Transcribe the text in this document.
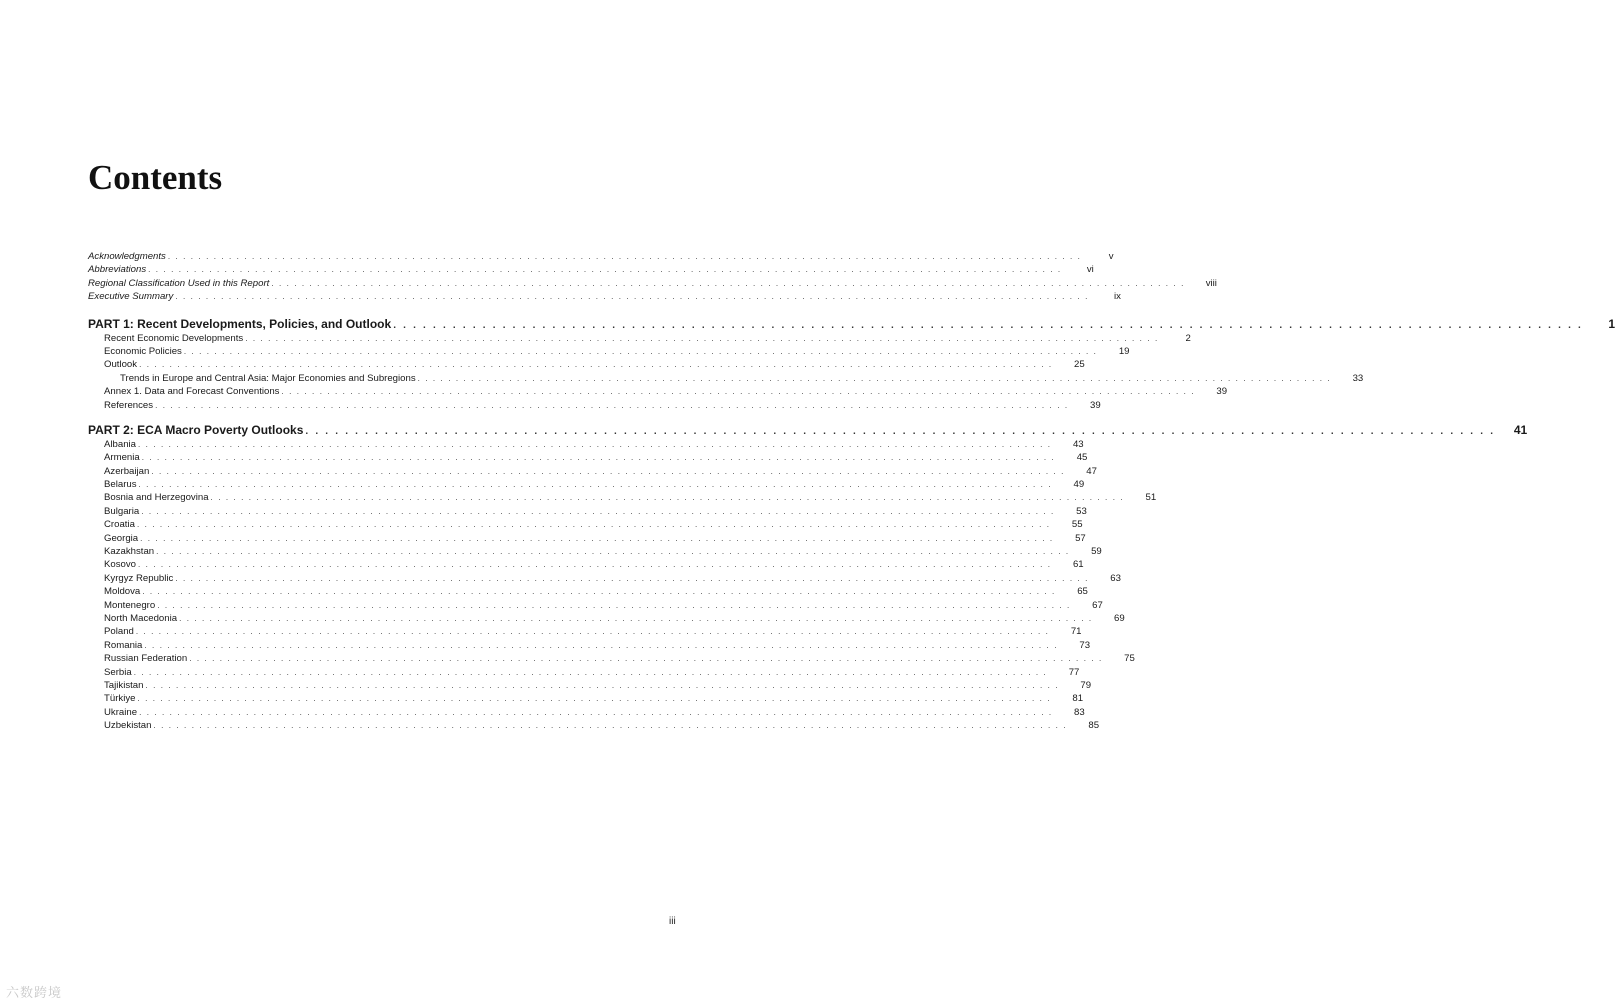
Contents
Acknowledgments . . . . . . . . . . . . . . . . . . . . . . . . . . . . . . . . . . . . . . . . . . . . . . . . . . . . . . . . . . . . . . . . . . . . . . . . . . . . . . . . . . . . . . . . . . . . . . . . . . . . . . . . . . . . . . . . . . . . . . . .	v
Abbreviations . . . . . . . . . . . . . . . . . . . . . . . . . . . . . . . . . . . . . . . . . . . . . . . . . . . . . . . . . . . . . . . . . . . . . . . . . . . . . . . . . . . . . . . . . . . . . . . . . . . . . . . . . . . . . . . . . . . . . . . .	vi
Regional Classification Used in this Report . . . . . . . . . . . . . . . . . . . . . . . . . . . . . . . . . . . . . . . . . . . . . . . . . . . . . . . . . . . . . . . . . . . . . . . . . . . . . . . . . . . . . . . . . . . . . . . . . . . . . . . . . . . . . . . . . . . . . . . .	viii
Executive Summary . . . . . . . . . . . . . . . . . . . . . . . . . . . . . . . . . . . . . . . . . . . . . . . . . . . . . . . . . . . . . . . . . . . . . . . . . . . . . . . . . . . . . . . . . . . . . . . . . . . . . . . . . . . . . . . . . . . . . . . .	ix
PART 1: Recent Developments, Policies, and Outlook . . . . . . . . . . . . . . . . . . . . . . . . . . . . . . . . . . . . . . . . . . . . . . . . . . . . . . . . . . . . . . . . . . . . . . . . . . . . . . . . . . . . . . . . . . . . . . . . . . . . . . . . . . . . . . . . . . . . . . . .	1
Recent Economic Developments . . . . . . . . . . . . . . . . . . . . . . . . . . . . . . . . . . . . . . . . . . . . . . . . . . . . . . . . . . . . . . . . . . . . . . . . . . . . . . . . . . . . . . . . . . . . . . . . . . . . . . . . . . . . . . . . . . . . . . . .	2
Economic Policies . . . . . . . . . . . . . . . . . . . . . . . . . . . . . . . . . . . . . . . . . . . . . . . . . . . . . . . . . . . . . . . . . . . . . . . . . . . . . . . . . . . . . . . . . . . . . . . . . . . . . . . . . . . . . . . . . . . . . . . .	19
Outlook . . . . . . . . . . . . . . . . . . . . . . . . . . . . . . . . . . . . . . . . . . . . . . . . . . . . . . . . . . . . . . . . . . . . . . . . . . . . . . . . . . . . . . . . . . . . . . . . . . . . . . . . . . . . . . . . . . . . . . . .	25
Trends in Europe and Central Asia: Major Economies and Subregions . . . . . . . . . . . . . . . . . . . . . . . . . . . . . . . . . . . . . . . . . . . . . . . . . . . . . . . . . . . . . . . . . . . . . . . . . . . . . . . . . . . . . . . . . . . . . . . . . . . . . . . . . . . . . . . . . . . . . . . .	33
Annex 1. Data and Forecast Conventions . . . . . . . . . . . . . . . . . . . . . . . . . . . . . . . . . . . . . . . . . . . . . . . . . . . . . . . . . . . . . . . . . . . . . . . . . . . . . . . . . . . . . . . . . . . . . . . . . . . . . . . . . . . . . . . . . . . . . . . .	39
References . . . . . . . . . . . . . . . . . . . . . . . . . . . . . . . . . . . . . . . . . . . . . . . . . . . . . . . . . . . . . . . . . . . . . . . . . . . . . . . . . . . . . . . . . . . . . . . . . . . . . . . . . . . . . . . . . . . . . . . .	39
PART 2: ECA Macro Poverty Outlooks . . . . . . . . . . . . . . . . . . . . . . . . . . . . . . . . . . . . . . . . . . . . . . . . . . . . . . . . . . . . . . . . . . . . . . . . . . . . . . . . . . . . . . . . . . . . . . . . . . . . . . . . . . . . . . . . . . . . . . . .	41
Albania . . . . . . . . . . . . . . . . . . . . . . . . . . . . . . . . . . . . . . . . . . . . . . . . . . . . . . . . . . . . . . . . . . . . . . . . . . . . . . . . . . . . . . . . . . . . . . . . . . . . . . . . . . . . . . . . . . . . . . . .	43
Armenia . . . . . . . . . . . . . . . . . . . . . . . . . . . . . . . . . . . . . . . . . . . . . . . . . . . . . . . . . . . . . . . . . . . . . . . . . . . . . . . . . . . . . . . . . . . . . . . . . . . . . . . . . . . . . . . . . . . . . . . .	45
Azerbaijan . . . . . . . . . . . . . . . . . . . . . . . . . . . . . . . . . . . . . . . . . . . . . . . . . . . . . . . . . . . . . . . . . . . . . . . . . . . . . . . . . . . . . . . . . . . . . . . . . . . . . . . . . . . . . . . . . . . . . . . .	47
Belarus . . . . . . . . . . . . . . . . . . . . . . . . . . . . . . . . . . . . . . . . . . . . . . . . . . . . . . . . . . . . . . . . . . . . . . . . . . . . . . . . . . . . . . . . . . . . . . . . . . . . . . . . . . . . . . . . . . . . . . . .	49
Bosnia and Herzegovina . . . . . . . . . . . . . . . . . . . . . . . . . . . . . . . . . . . . . . . . . . . . . . . . . . . . . . . . . . . . . . . . . . . . . . . . . . . . . . . . . . . . . . . . . . . . . . . . . . . . . . . . . . . . . . . . . . . . . . . .	51
Bulgaria . . . . . . . . . . . . . . . . . . . . . . . . . . . . . . . . . . . . . . . . . . . . . . . . . . . . . . . . . . . . . . . . . . . . . . . . . . . . . . . . . . . . . . . . . . . . . . . . . . . . . . . . . . . . . . . . . . . . . . . .	53
Croatia . . . . . . . . . . . . . . . . . . . . . . . . . . . . . . . . . . . . . . . . . . . . . . . . . . . . . . . . . . . . . . . . . . . . . . . . . . . . . . . . . . . . . . . . . . . . . . . . . . . . . . . . . . . . . . . . . . . . . . . .	55
Georgia . . . . . . . . . . . . . . . . . . . . . . . . . . . . . . . . . . . . . . . . . . . . . . . . . . . . . . . . . . . . . . . . . . . . . . . . . . . . . . . . . . . . . . . . . . . . . . . . . . . . . . . . . . . . . . . . . . . . . . . .	57
Kazakhstan . . . . . . . . . . . . . . . . . . . . . . . . . . . . . . . . . . . . . . . . . . . . . . . . . . . . . . . . . . . . . . . . . . . . . . . . . . . . . . . . . . . . . . . . . . . . . . . . . . . . . . . . . . . . . . . . . . . . . . . .	59
Kosovo . . . . . . . . . . . . . . . . . . . . . . . . . . . . . . . . . . . . . . . . . . . . . . . . . . . . . . . . . . . . . . . . . . . . . . . . . . . . . . . . . . . . . . . . . . . . . . . . . . . . . . . . . . . . . . . . . . . . . . . .	61
Kyrgyz Republic . . . . . . . . . . . . . . . . . . . . . . . . . . . . . . . . . . . . . . . . . . . . . . . . . . . . . . . . . . . . . . . . . . . . . . . . . . . . . . . . . . . . . . . . . . . . . . . . . . . . . . . . . . . . . . . . . . . . . . . .	63
Moldova . . . . . . . . . . . . . . . . . . . . . . . . . . . . . . . . . . . . . . . . . . . . . . . . . . . . . . . . . . . . . . . . . . . . . . . . . . . . . . . . . . . . . . . . . . . . . . . . . . . . . . . . . . . . . . . . . . . . . . . .	65
Montenegro . . . . . . . . . . . . . . . . . . . . . . . . . . . . . . . . . . . . . . . . . . . . . . . . . . . . . . . . . . . . . . . . . . . . . . . . . . . . . . . . . . . . . . . . . . . . . . . . . . . . . . . . . . . . . . . . . . . . . . . .	67
North Macedonia . . . . . . . . . . . . . . . . . . . . . . . . . . . . . . . . . . . . . . . . . . . . . . . . . . . . . . . . . . . . . . . . . . . . . . . . . . . . . . . . . . . . . . . . . . . . . . . . . . . . . . . . . . . . . . . . . . . . . . . .	69
Poland . . . . . . . . . . . . . . . . . . . . . . . . . . . . . . . . . . . . . . . . . . . . . . . . . . . . . . . . . . . . . . . . . . . . . . . . . . . . . . . . . . . . . . . . . . . . . . . . . . . . . . . . . . . . . . . . . . . . . . . .	71
Romania . . . . . . . . . . . . . . . . . . . . . . . . . . . . . . . . . . . . . . . . . . . . . . . . . . . . . . . . . . . . . . . . . . . . . . . . . . . . . . . . . . . . . . . . . . . . . . . . . . . . . . . . . . . . . . . . . . . . . . . .	73
Russian Federation . . . . . . . . . . . . . . . . . . . . . . . . . . . . . . . . . . . . . . . . . . . . . . . . . . . . . . . . . . . . . . . . . . . . . . . . . . . . . . . . . . . . . . . . . . . . . . . . . . . . . . . . . . . . . . . . . . . . . . . .	75
Serbia . . . . . . . . . . . . . . . . . . . . . . . . . . . . . . . . . . . . . . . . . . . . . . . . . . . . . . . . . . . . . . . . . . . . . . . . . . . . . . . . . . . . . . . . . . . . . . . . . . . . . . . . . . . . . . . . . . . . . . . .	77
Tajikistan . . . . . . . . . . . . . . . . . . . . . . . . . . . . . . . . . . . . . . . . . . . . . . . . . . . . . . . . . . . . . . . . . . . . . . . . . . . . . . . . . . . . . . . . . . . . . . . . . . . . . . . . . . . . . . . . . . . . . . . .	79
Türkiye . . . . . . . . . . . . . . . . . . . . . . . . . . . . . . . . . . . . . . . . . . . . . . . . . . . . . . . . . . . . . . . . . . . . . . . . . . . . . . . . . . . . . . . . . . . . . . . . . . . . . . . . . . . . . . . . . . . . . . . .	81
Ukraine . . . . . . . . . . . . . . . . . . . . . . . . . . . . . . . . . . . . . . . . . . . . . . . . . . . . . . . . . . . . . . . . . . . . . . . . . . . . . . . . . . . . . . . . . . . . . . . . . . . . . . . . . . . . . . . . . . . . . . . .	83
Uzbekistan . . . . . . . . . . . . . . . . . . . . . . . . . . . . . . . . . . . . . . . . . . . . . . . . . . . . . . . . . . . . . . . . . . . . . . . . . . . . . . . . . . . . . . . . . . . . . . . . . . . . . . . . . . . . . . . . . . . . . . . .	85
iii
六数跨境
